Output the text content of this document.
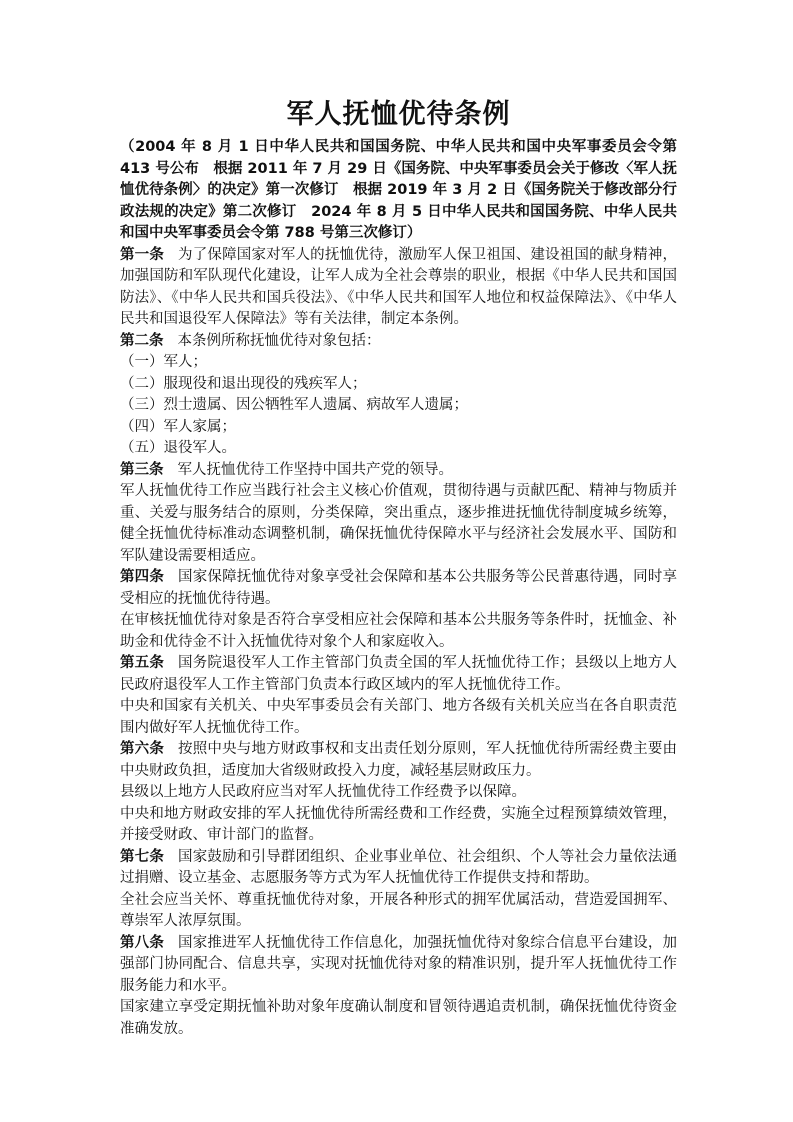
军人抚恤优待条例

（2004 年 8 月 1 日中华人民共和国国务院、中华人民共和国中央军事委员会令第 413 号公布　根据 2011 年 7 月 29 日《国务院、中央军事委员会关于修改〈军人抚恤优待条例〉的决定》第一次修订　根据 2019 年 3 月 2 日《国务院关于修改部分行政法规的决定》第二次修订　2024 年 8 月 5 日中华人民共和国国务院、中华人民共和国中央军事委员会令第 788 号第三次修订）

第一条 为了保障国家对军人的抚恤优待，激励军人保卫祖国、建设祖国的献身精神，加强国防和军队现代化建设，让军人成为全社会尊崇的职业，根据《中华人民共和国国防法》、《中华人民共和国兵役法》、《中华人民共和国军人地位和权益保障法》、《中华人民共和国退役军人保障法》等有关法律，制定本条例。

第二条 本条例所称抚恤优待对象包括：

（一）军人；

（二）服现役和退出现役的残疾军人；

（三）烈士遗属、因公牺牲军人遗属、病故军人遗属；

（四）军人家属；

（五）退役军人。

第三条 军人抚恤优待工作坚持中国共产党的领导。

军人抚恤优待工作应当践行社会主义核心价值观，贯彻待遇与贡献匹配、精神与物质并重、关爱与服务结合的原则，分类保障，突出重点，逐步推进抚恤优待制度城乡统筹，健全抚恤优待标准动态调整机制，确保抚恤优待保障水平与经济社会发展水平、国防和军队建设需要相适应。

第四条 国家保障抚恤优待对象享受社会保障和基本公共服务等公民普惠待遇，同时享受相应的抚恤优待待遇。

在审核抚恤优待对象是否符合享受相应社会保障和基本公共服务等条件时，抚恤金、补助金和优待金不计入抚恤优待对象个人和家庭收入。

第五条 国务院退役军人工作主管部门负责全国的军人抚恤优待工作；县级以上地方人民政府退役军人工作主管部门负责本行政区域内的军人抚恤优待工作。

中央和国家有关机关、中央军事委员会有关部门、地方各级有关机关应当在各自职责范围内做好军人抚恤优待工作。

第六条 按照中央与地方财政事权和支出责任划分原则，军人抚恤优待所需经费主要由中央财政负担，适度加大省级财政投入力度，减轻基层财政压力。

县级以上地方人民政府应当对军人抚恤优待工作经费予以保障。

中央和地方财政安排的军人抚恤优待所需经费和工作经费，实施全过程预算绩效管理，并接受财政、审计部门的监督。

第七条 国家鼓励和引导群团组织、企业事业单位、社会组织、个人等社会力量依法通过捐赠、设立基金、志愿服务等方式为军人抚恤优待工作提供支持和帮助。

全社会应当关怀、尊重抚恤优待对象，开展各种形式的拥军优属活动，营造爱国拥军、尊崇军人浓厚氛围。

第八条 国家推进军人抚恤优待工作信息化，加强抚恤优待对象综合信息平台建设，加强部门协同配合、信息共享，实现对抚恤优待对象的精准识别，提升军人抚恤优待工作服务能力和水平。

国家建立享受定期抚恤补助对象年度确认制度和冒领待遇追责机制，确保抚恤优待资金准确发放。
